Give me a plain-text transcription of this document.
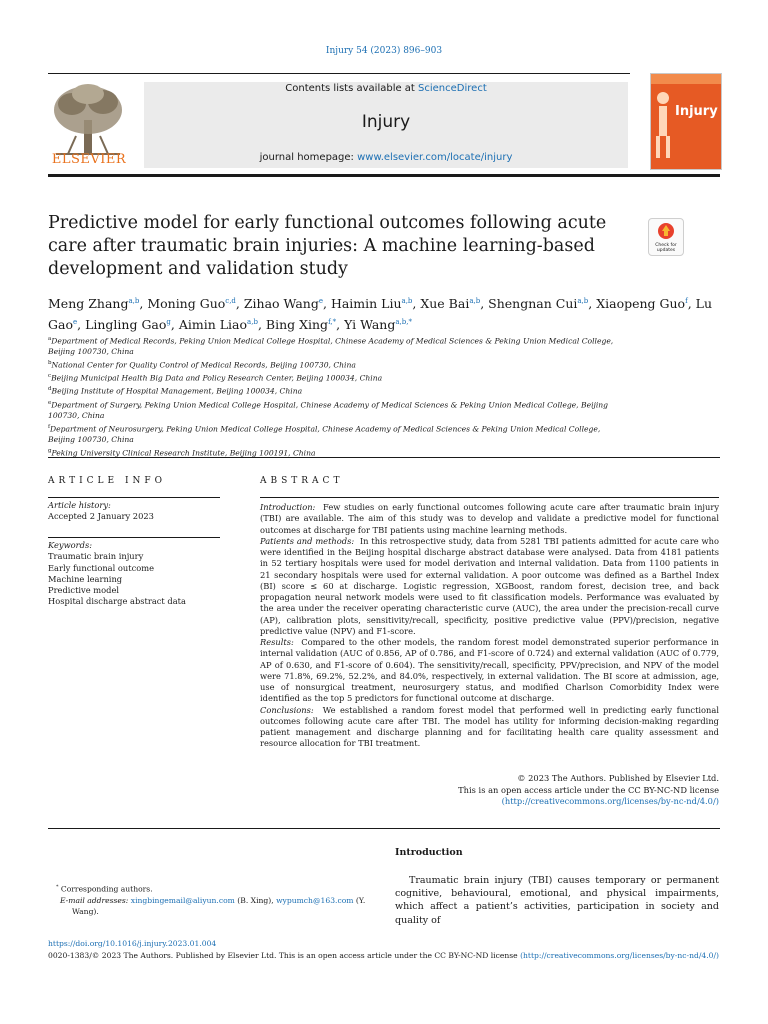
Injury 54 (2023) 896–903
ELSEVIER
Contents lists available at ScienceDirect
Injury
journal homepage: www.elsevier.com/locate/injury
Injury
Predictive model for early functional outcomes following acute care after traumatic brain injuries: A machine learning-based development and validation study
Check for
updates
Meng Zhang$^{a,b}$, Moning Guo$^{c,d}$, Zihao Wang$^e$, Haimin Liu$^{a,b}$, Xue Bai$^{a,b}$, Shengnan Cui$^{a,b}$, Xiaopeng Guo$^f$, Lu Gao$^e$, Lingling Gao$^g$, Aimin Liao$^{a,b}$, Bing Xing$^{f,*}$, Yi Wang$^{a,b,*}$
$^a$Department of Medical Records, Peking Union Medical College Hospital, Chinese Academy of Medical Sciences & Peking Union Medical College, Beijing 100730, China
$^b$National Center for Quality Control of Medical Records, Beijing 100730, China
$^c$Beijing Municipal Health Big Data and Policy Research Center, Beijing 100034, China
$^d$Beijing Institute of Hospital Management, Beijing 100034, China
$^e$Department of Surgery, Peking Union Medical College Hospital, Chinese Academy of Medical Sciences & Peking Union Medical College, Beijing 100730, China
$^f$Department of Neurosurgery, Peking Union Medical College Hospital, Chinese Academy of Medical Sciences & Peking Union Medical College, Beijing 100730, China
$^g$Peking University Clinical Research Institute, Beijing 100191, China
ARTICLE INFO
Article history:
Accepted 2 January 2023
Keywords:
Traumatic brain injury
Early functional outcome
Machine learning
Predictive model
Hospital discharge abstract data
ABSTRACT

Introduction: Few studies on early functional outcomes following acute care after traumatic brain injury (TBI) are available. The aim of this study was to develop and validate a predictive model for functional outcomes at discharge for TBI patients using machine learning methods.

Patients and methods: In this retrospective study, data from 5281 TBI patients admitted for acute care who were identified in the Beijing hospital discharge abstract database were analysed. Data from 4181 patients in 52 tertiary hospitals were used for model derivation and internal validation. Data from 1100 patients in 21 secondary hospitals were used for external validation. A poor outcome was defined as a Barthel Index (BI) score ≤ 60 at discharge. Logistic regression, XGBoost, random forest, decision tree, and back propagation neural network models were used to fit classification models. Performance was evaluated by the area under the receiver operating characteristic curve (AUC), the area under the precision-recall curve (AP), calibration plots, sensitivity/recall, specificity, positive predictive value (PPV)/precision, negative predictive value (NPV) and F1-score.

Results: Compared to the other models, the random forest model demonstrated superior performance in internal validation (AUC of 0.856, AP of 0.786, and F1-score of 0.724) and external validation (AUC of 0.779, AP of 0.630, and F1-score of 0.604). The sensitivity/recall, specificity, PPV/precision, and NPV of the model were 71.8%, 69.2%, 52.2%, and 84.0%, respectively, in external validation. The BI score at admission, age, use of nonsurgical treatment, neurosurgery status, and modified Charlson Comorbidity Index were identified as the top 5 predictors for functional outcome at discharge.

Conclusions: We established a random forest model that performed well in predicting early functional outcomes following acute care after TBI. The model has utility for informing decision-making regarding patient management and discharge planning and for facilitating health care quality assessment and resource allocation for TBI treatment.

© 2023 The Authors. Published by Elsevier Ltd.
This is an open access article under the CC BY-NC-ND license
(http://creativecommons.org/licenses/by-nc-nd/4.0/)
Introduction
Traumatic brain injury (TBI) causes temporary or permanent cognitive, behavioural, emotional, and physical impairments, which affect a patient’s activities, participation in society and quality of
* Corresponding authors.
E-mail addresses: xingbingemail@aliyun.com (B. Xing), wypumch@163.com (Y. Wang).
https://doi.org/10.1016/j.injury.2023.01.004
0020-1383/© 2023 The Authors. Published by Elsevier Ltd. This is an open access article under the CC BY-NC-ND license (http://creativecommons.org/licenses/by-nc-nd/4.0/)
